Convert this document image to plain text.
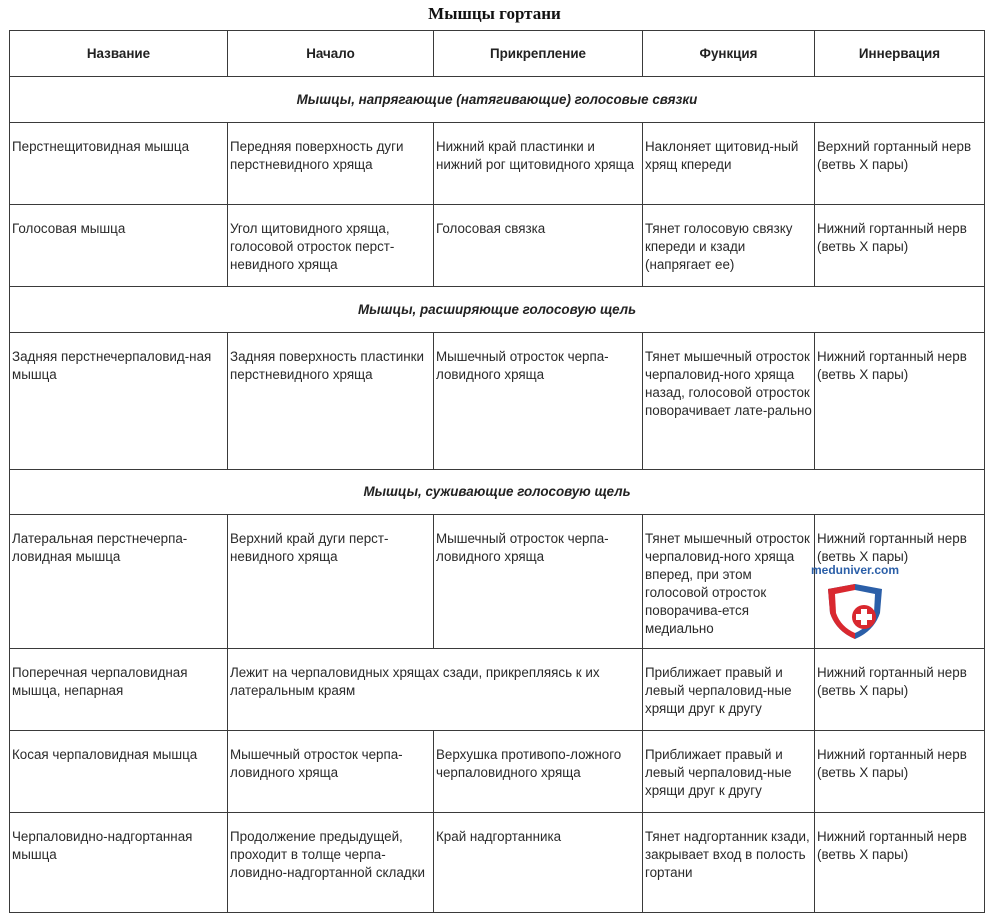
Мышцы гортани
Название	Начало	Прикрепление	Функция	Иннервация
Мышцы, напрягающие (натягивающие) голосовые связки				
Перстнещитовидная мышца	Передняя поверхность дуги перстневидного хряща	Нижний край пластинки и нижний рог щитовидного хряща	Наклоняет щитовид-ный хрящ кпереди	Верхний гортанный нерв (ветвь X пары)
Голосовая мышца	Угол щитовидного хряща, голосовой отросток перст-невидного хряща	Голосовая связка	Тянет голосовую связку кпереди и кзади (напрягает ее)	Нижний гортанный нерв (ветвь X пары)
Мышцы, расширяющие голосовую щель				
Задняя перстнечерпаловид-ная мышца	Задняя поверхность пластинки перстневидного хряща	Мышечный отросток черпа-ловидного хряща	Тянет мышечный отросток черпаловид-ного хряща назад, голосовой отросток поворачивает лате-рально	Нижний гортанный нерв (ветвь X пары)
Мышцы, суживающие голосовую щель				
Латеральная перстнечерпа-ловидная мышца	Верхний край дуги перст-невидного хряща	Мышечный отросток черпа-ловидного хряща	Тянет мышечный отросток черпаловид-ного хряща вперед, при этом голосовой отросток поворачива-ется медиально	Нижний гортанный нерв (ветвь X пары)
Поперечная черпаловидная мышца, непарная	Лежит на черпаловидных хрящах сзади, прикрепляясь к их латеральным краям		Приближает правый и левый черпаловид-ные хрящи друг к другу	Нижний гортанный нерв (ветвь X пары)
Косая черпаловидная мышца	Мышечный отросток черпа-ловидного хряща	Верхушка противопо-ложного черпаловидного хряща	Приближает правый и левый черпаловид-ные хрящи друг к другу	Нижний гортанный нерв (ветвь X пары)
Черпаловидно-надгортанная мышца	Продолжение предыдущей, проходит в толще черпа-ловидно-надгортанной складки	Край надгортанника	Тянет надгортанник кзади, закрывает вход в полость гортани	Нижний гортанный нерв (ветвь X пары)
meduniver.com
